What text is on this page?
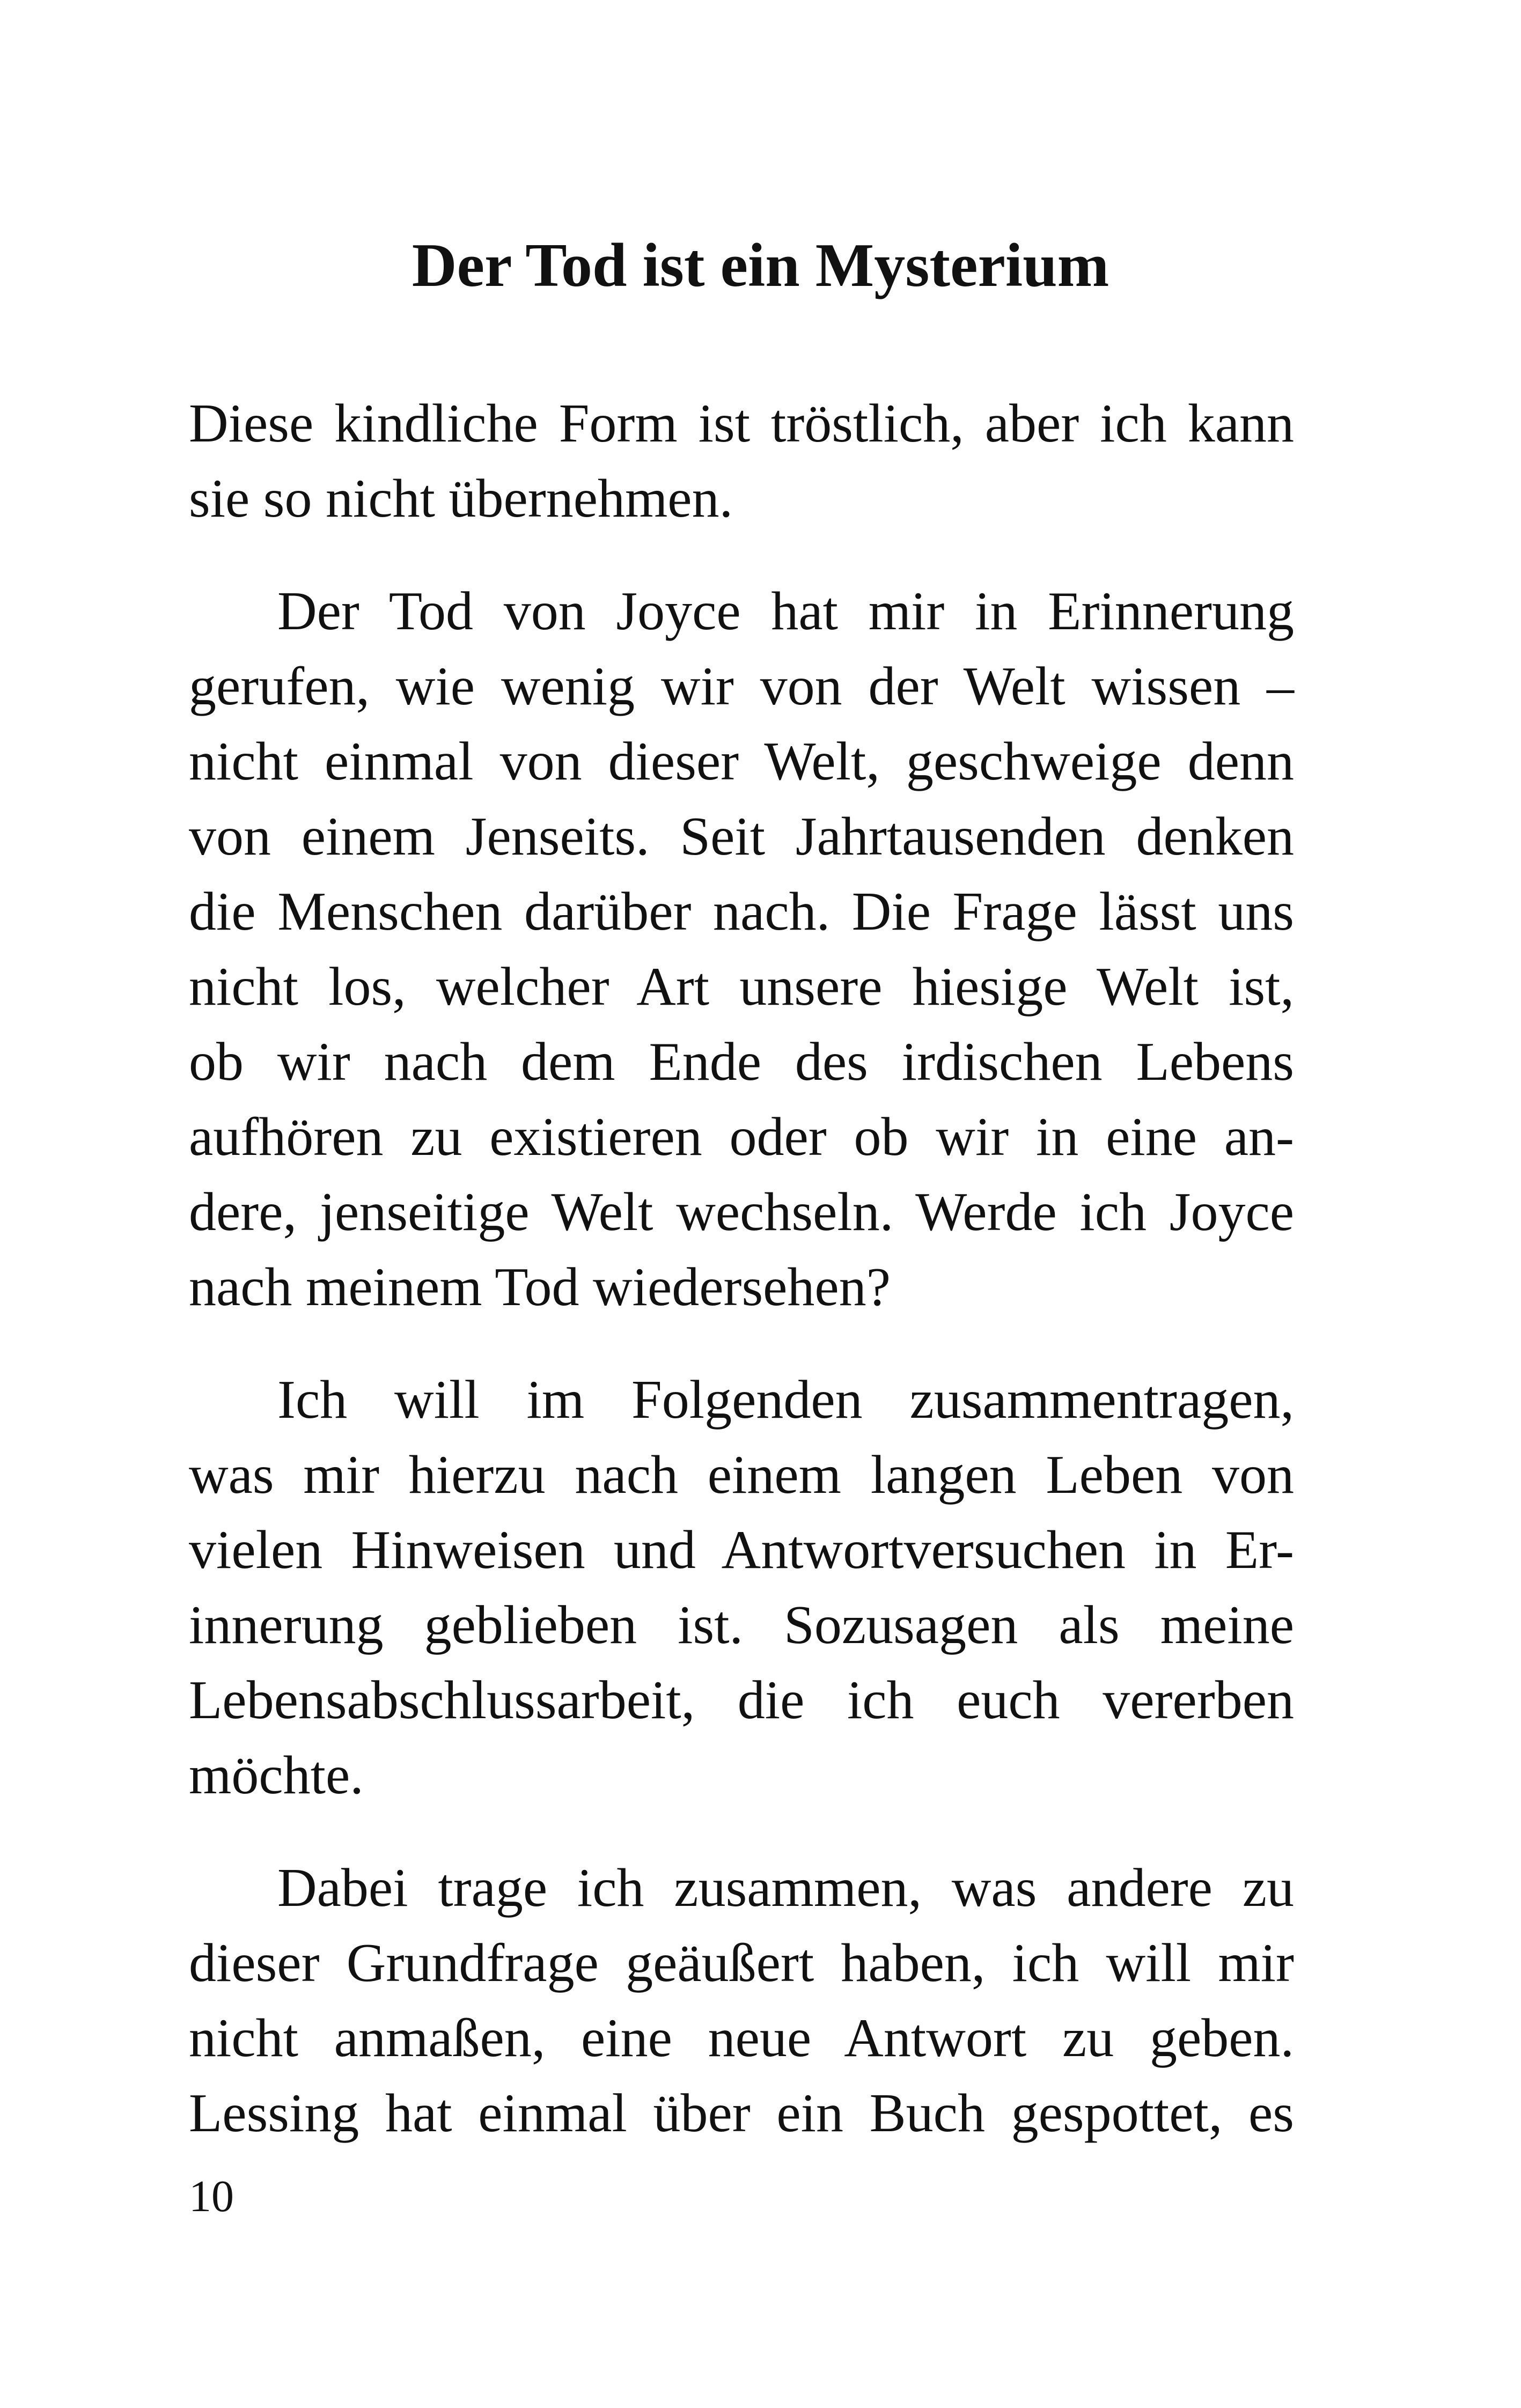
Der Tod ist ein Mysterium
Diese kindliche Form ist tröstlich, aber ich kann
sie so nicht übernehmen.
Der Tod von Joyce hat mir in Erinnerung
gerufen, wie wenig wir von der Welt wissen –
nicht einmal von dieser Welt, geschweige denn
von einem Jenseits. Seit Jahrtausenden denken
die Menschen darüber nach. Die Frage lässt uns
nicht los, welcher Art unsere hiesige Welt ist,
ob wir nach dem Ende des irdischen Lebens
aufhören zu existieren oder ob wir in eine an-
dere, jenseitige Welt wechseln. Werde ich Joyce
nach meinem Tod wiedersehen?
Ich will im Folgenden zusammentragen,
was mir hierzu nach einem langen Leben von
vielen Hinweisen und Antwortversuchen in Er-
innerung geblieben ist. Sozusagen als meine
Lebensabschlussarbeit, die ich euch vererben
möchte.
Dabei trage ich zusammen, was andere zu
dieser Grundfrage geäußert haben, ich will mir
nicht anmaßen, eine neue Antwort zu geben.
Lessing hat einmal über ein Buch gespottet, es
10
